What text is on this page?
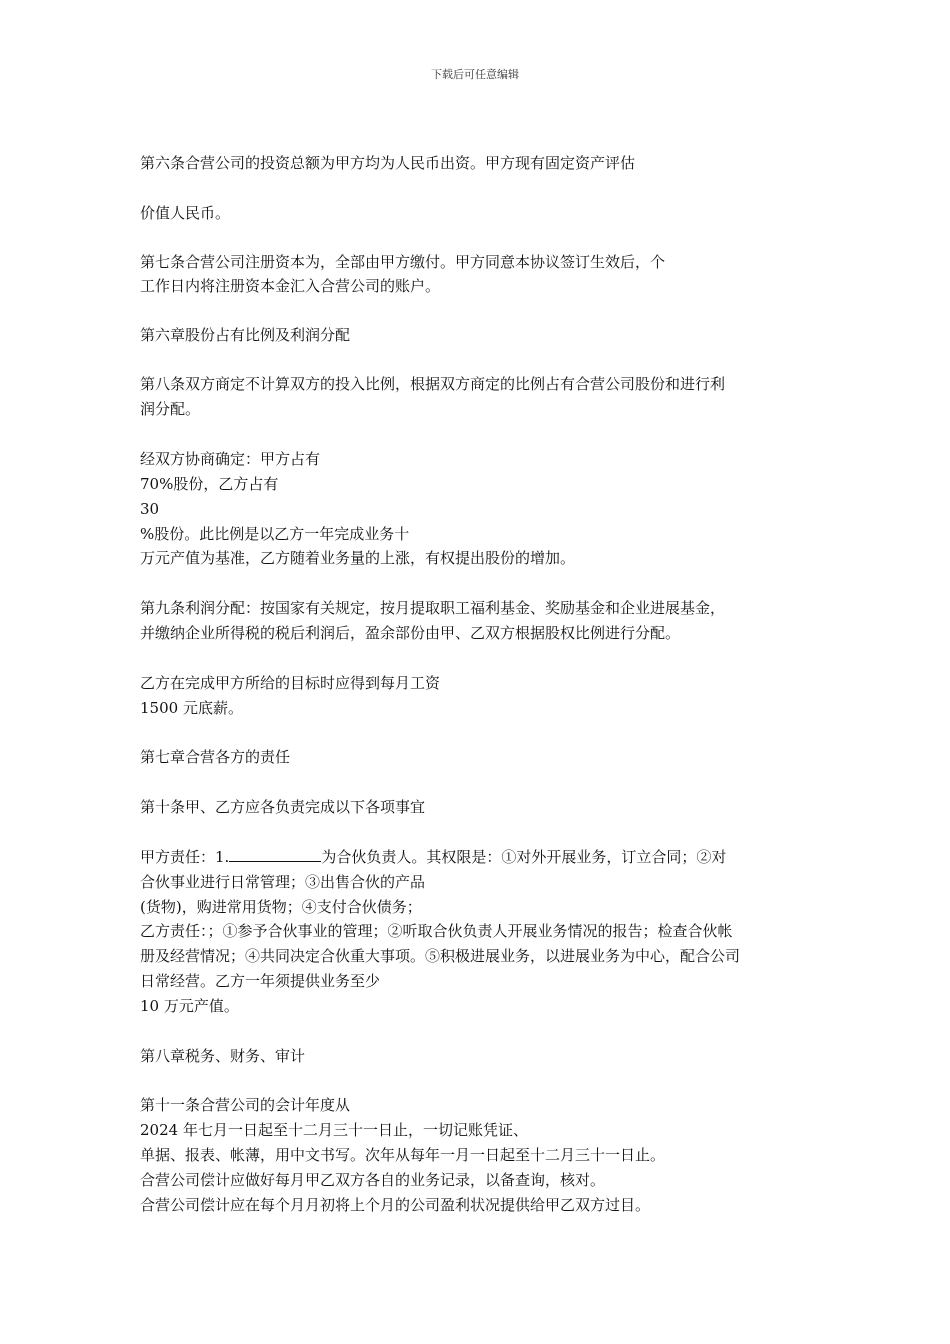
下载后可任意编辑
第六条合营公司的投资总额为甲方均为人民币出资。甲方现有固定资产评估
价值人民币。
第七条合营公司注册资本为，全部由甲方缴付。甲方同意本协议签订生效后，个
工作日内将注册资本金汇入合营公司的账户。
第六章股份占有比例及利润分配
第八条双方商定不计算双方的投入比例，根据双方商定的比例占有合营公司股份和进行利
润分配。
经双方协商确定：甲方占有
70%股份，乙方占有
30
%股份。此比例是以乙方一年完成业务十
万元产值为基准，乙方随着业务量的上涨，有权提出股份的增加。
第九条利润分配：按国家有关规定，按月提取职工福利基金、奖励基金和企业进展基金，
并缴纳企业所得税的税后利润后，盈余部份由甲、乙双方根据股权比例进行分配。
乙方在完成甲方所给的目标时应得到每月工资
1500 元底薪。
第七章合营各方的责任
第十条甲、乙方应各负责完成以下各项事宜
甲方责任：1.	为合伙负责人。其权限是：①对外开展业务，订立合同；②对
合伙事业进行日常管理；③出售合伙的产品
(货物)，购进常用货物；④支付合伙债务；
乙方责任：；①参予合伙事业的管理；②听取合伙负责人开展业务情况的报告；检查合伙帐
册及经营情况；④共同决定合伙重大事项。⑤积极进展业务，以进展业务为中心，配合公司
日常经营。乙方一年须提供业务至少
10 万元产值。
第八章税务、财务、审计
第十一条合营公司的会计年度从
2024 年七月一日起至十二月三十一日止，一切记账凭证、
单据、报表、帐薄，用中文书写。次年从每年一月一日起至十二月三十一日止。
合营公司偿计应做好每月甲乙双方各自的业务记录，以备查询，核对。
合营公司偿计应在每个月月初将上个月的公司盈利状况提供给甲乙双方过目。
